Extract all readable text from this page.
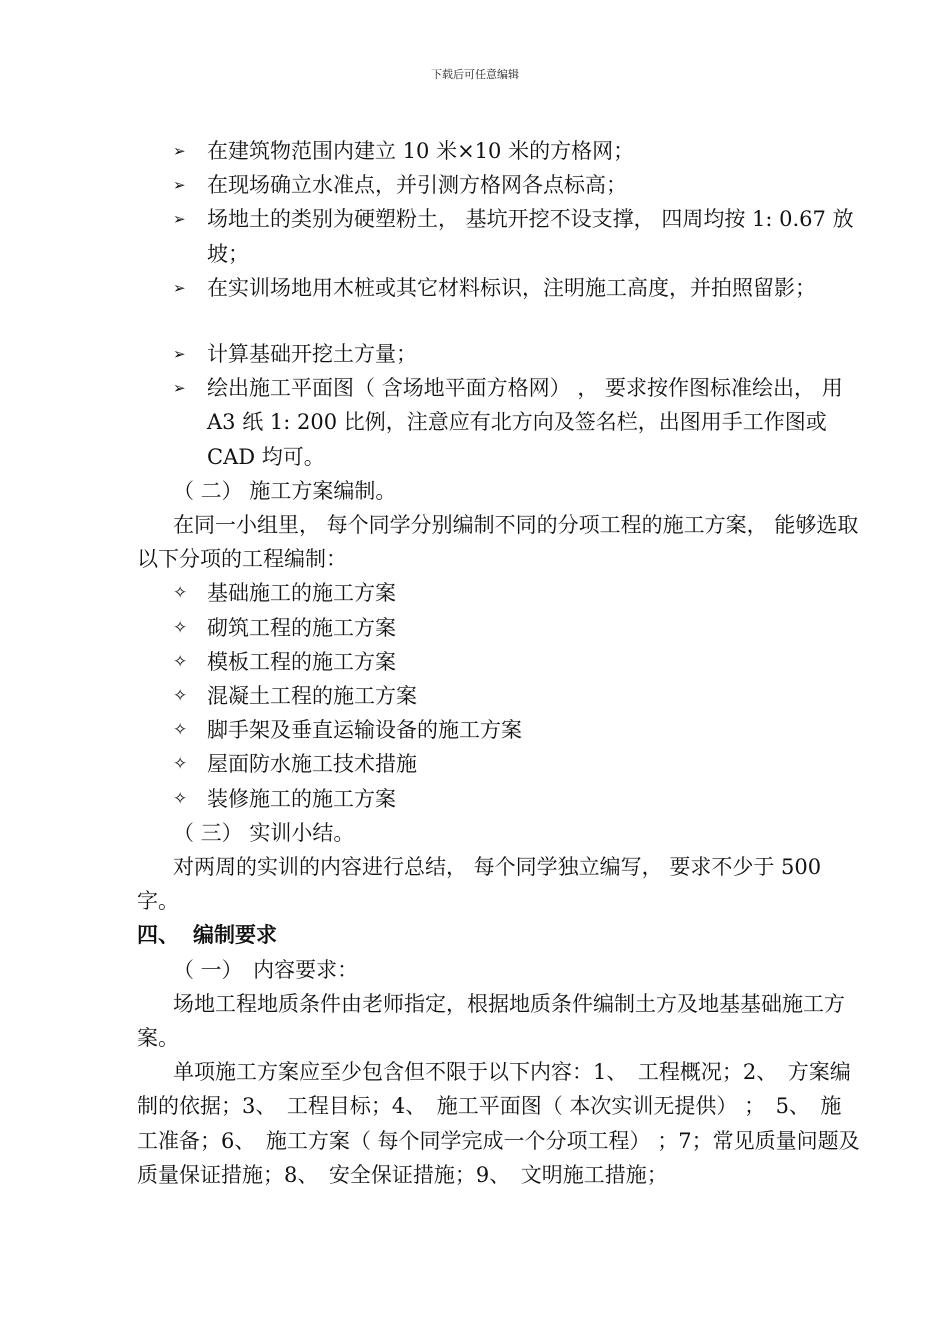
下载后可任意编辑
➢	在建筑物范围内建立 10 米×10 米的方格网；
➢	在现场确立水准点，并引测方格网各点标高；
➢	场地土的类别为硬塑粉土， 基坑开挖不设支撑， 四周均按 1: 0.67 放坡；
➢	在实训场地用木桩或其它材料标识，注明施工高度，并拍照留影；
➢	计算基础开挖土方量；
➢	绘出施工平面图（ 含场地平面方格网） ， 要求按作图标准绘出， 用 A3 纸 1: 200 比例，注意应有北方向及签名栏，出图用手工作图或 CAD 均可。
（ 二） 施工方案编制。
在同一小组里， 每个同学分别编制不同的分项工程的施工方案， 能够选取以下分项的工程编制：
✧ 基础施工的施工方案
✧ 砌筑工程的施工方案
✧ 模板工程的施工方案
✧ 混凝土工程的施工方案
✧ 脚手架及垂直运输设备的施工方案
✧ 屋面防水施工技术措施
✧ 装修施工的施工方案
（ 三） 实训小结。
对两周的实训的内容进行总结， 每个同学独立编写， 要求不少于 500 字。
四、 编制要求
（ 一）　内容要求：
场地工程地质条件由老师指定，根据地质条件编制土方及地基基础施工方案。
单项施工方案应至少包含但不限于以下内容：1、　工程概况；2、　方案编制的依据；3、　工程目标；4、　施工平面图（ 本次实训无提供） ；　5、　施工准备；6、　施工方案（ 每个同学完成一个分项工程） ；7；常见质量问题及质量保证措施；8、　安全保证措施；9、　文明施工措施；
